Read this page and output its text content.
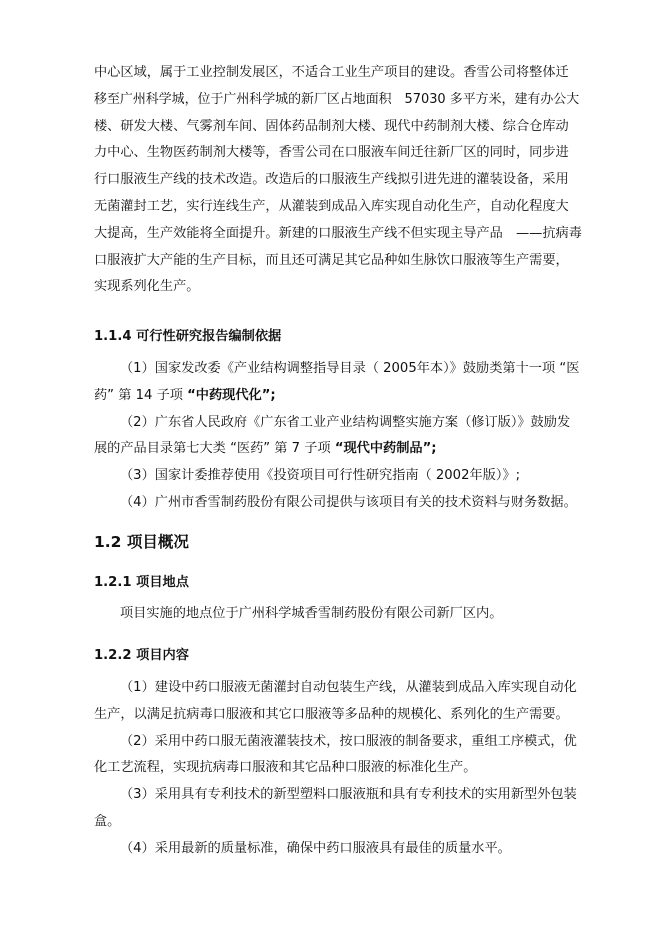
中心区域，属于工业控制发展区，不适合工业生产项目的建设。香雪公司将整体迁
移至广州科学城，位于广州科学城的新厂区占地面积　57030 多平方米，建有办公大
楼、研发大楼、气雾剂车间、固体药品制剂大楼、现代中药制剂大楼、综合仓库动
力中心、生物医药制剂大楼等，香雪公司在口服液车间迁往新厂区的同时，同步进
行口服液生产线的技术改造。改造后的口服液生产线拟引进先进的灌装设备，采用
无菌灌封工艺，实行连线生产，从灌装到成品入库实现自动化生产，自动化程度大
大提高，生产效能将全面提升。新建的口服液生产线不但实现主导产品　——抗病毒
口服液扩大产能的生产目标，而且还可满足其它品种如生脉饮口服液等生产需要，
实现系列化生产。
1.1.4 可行性研究报告编制依据
（1）国家发改委《产业结构调整指导目录（ 2005年本）》鼓励类第十一项 “医
药” 第 14 子项 “中药现代化”;
（2）广东省人民政府《广东省工业产业结构调整实施方案（修订版）》鼓励发
展的产品目录第七大类 “医药” 第 7 子项 “现代中药制品”;
（3）国家计委推荐使用《投资项目可行性研究指南（ 2002年版）》;
（4）广州市香雪制药股份有限公司提供与该项目有关的技术资料与财务数据。
1.2 项目概况
1.2.1 项目地点
项目实施的地点位于广州科学城香雪制药股份有限公司新厂区内。
1.2.2 项目内容
（1）建设中药口服液无菌灌封自动包装生产线，从灌装到成品入库实现自动化
生产，以满足抗病毒口服液和其它口服液等多品种的规模化、系列化的生产需要。
（2）采用中药口服无菌液灌装技术，按口服液的制备要求，重组工序模式，优
化工艺流程，实现抗病毒口服液和其它品种口服液的标准化生产。
（3）采用具有专利技术的新型塑料口服液瓶和具有专利技术的实用新型外包装
盒。
（4）采用最新的质量标准，确保中药口服液具有最佳的质量水平。
